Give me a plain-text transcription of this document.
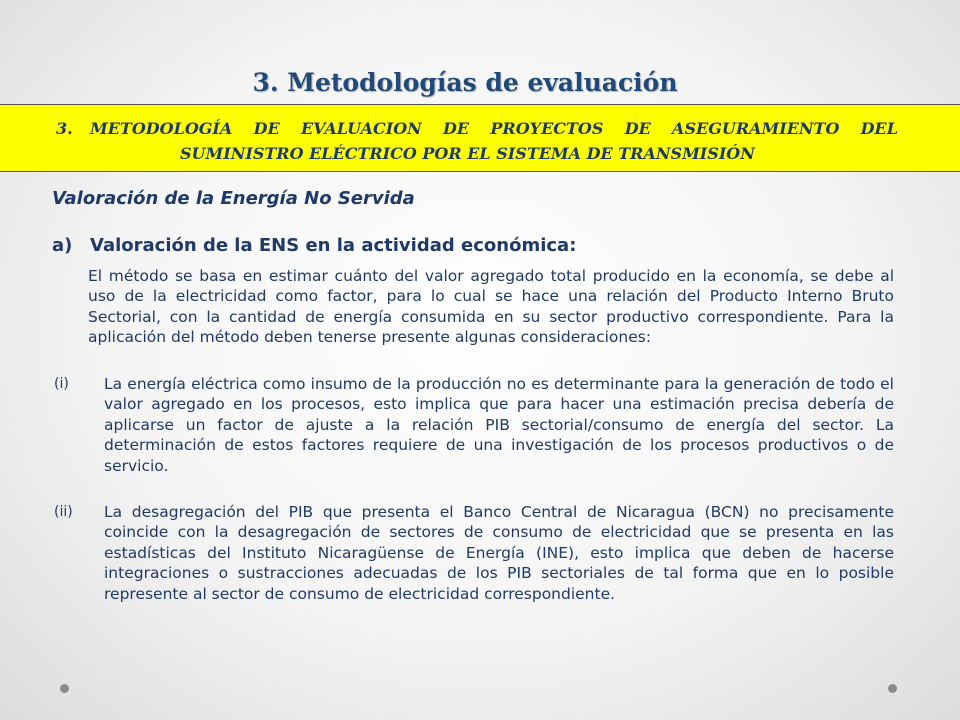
3. Metodologías de evaluación
3. METODOLOGÍA DE EVALUACION DE PROYECTOS DE ASEGURAMIENTO DEL
SUMINISTRO ELÉCTRICO POR EL SISTEMA DE TRANSMISIÓN
Valoración de la Energía No Servida
a) Valoración de la ENS en la actividad económica:

El método se basa en estimar cuánto del valor agregado total producido en la economía, se debe al uso de la electricidad como factor, para lo cual se hace una relación del Producto Interno Bruto Sectorial, con la cantidad de energía consumida en su sector productivo correspondiente. Para la aplicación del método deben tenerse presente algunas consideraciones:

(i) La energía eléctrica como insumo de la producción no es determinante para la generación de todo el valor agregado en los procesos, esto implica que para hacer una estimación precisa debería de aplicarse un factor de ajuste a la relación PIB sectorial/consumo de energía del sector. La determinación de estos factores requiere de una investigación de los procesos productivos o de servicio.
(ii) La desagregación del PIB que presenta el Banco Central de Nicaragua (BCN) no precisamente coincide con la desagregación de sectores de consumo de electricidad que se presenta en las estadísticas del Instituto Nicaragüense de Energía (INE), esto implica que deben de hacerse integraciones o sustracciones adecuadas de los PIB sectoriales de tal forma que en lo posible represente al sector de consumo de electricidad correspondiente.
